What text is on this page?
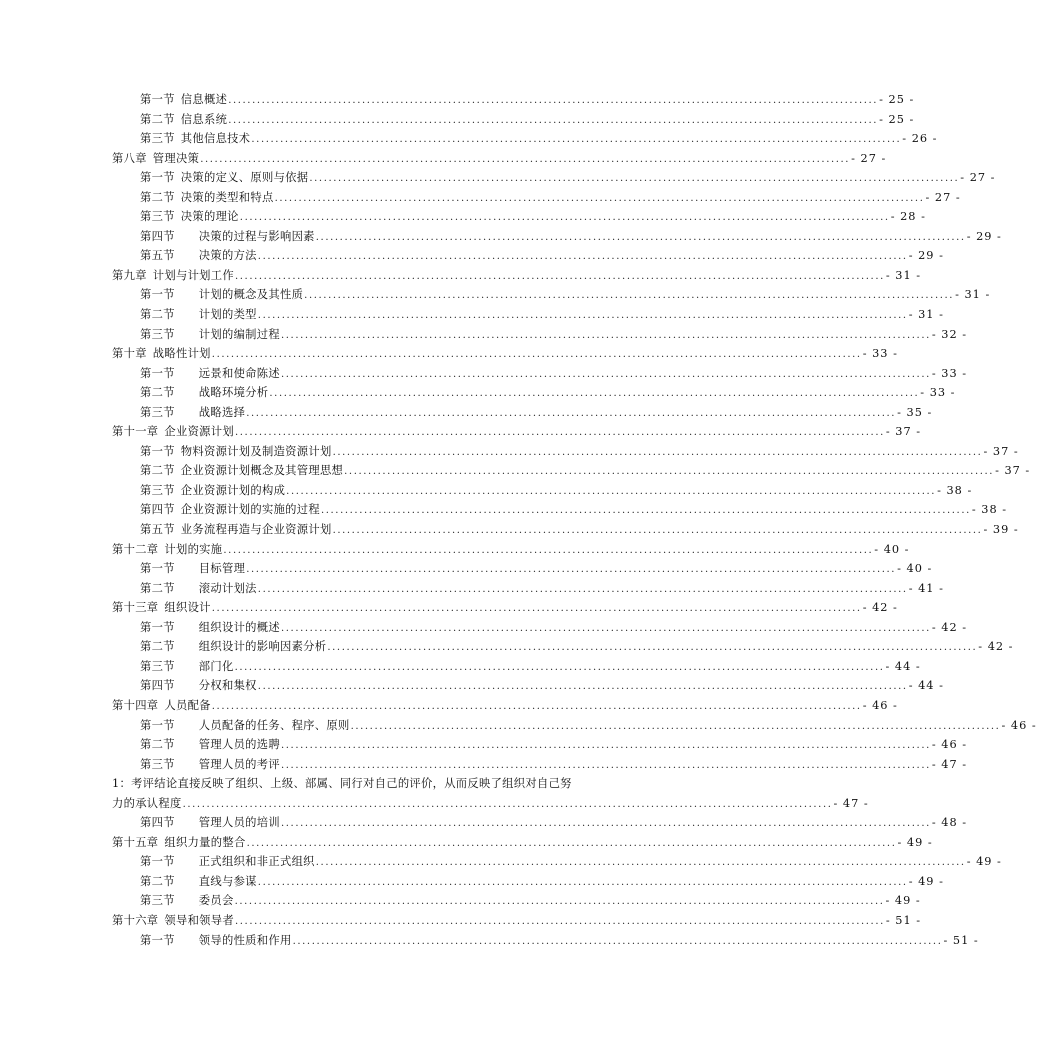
第一节 信息概述 ........................................................................................................................................ - 25 -
第二节 信息系统 ........................................................................................................................................ - 25 -
第三节 其他信息技术 ........................................................................................................................................ - 26 -
第八章 管理决策 ........................................................................................................................................ - 27 -
第一节 决策的定义、原则与依据 ........................................................................................................................................ - 27 -
第二节 决策的类型和特点 ........................................................................................................................................ - 27 -
第三节 决策的理论 ........................................................................................................................................ - 28 -
第四节 决策的过程与影响因素 ........................................................................................................................................ - 29 -
第五节 决策的方法 ........................................................................................................................................ - 29 -
第九章 计划与计划工作 ........................................................................................................................................ - 31 -
第一节 计划的概念及其性质 ........................................................................................................................................ - 31 -
第二节 计划的类型 ........................................................................................................................................ - 31 -
第三节 计划的编制过程 ........................................................................................................................................ - 32 -
第十章 战略性计划 ........................................................................................................................................ - 33 -
第一节 远景和使命陈述 ........................................................................................................................................ - 33 -
第二节 战略环境分析 ........................................................................................................................................ - 33 -
第三节 战略选择 ........................................................................................................................................ - 35 -
第十一章 企业资源计划 ........................................................................................................................................ - 37 -
第一节 物料资源计划及制造资源计划 ........................................................................................................................................ - 37 -
第二节 企业资源计划概念及其管理思想 ........................................................................................................................................ - 37 -
第三节 企业资源计划的构成 ........................................................................................................................................ - 38 -
第四节 企业资源计划的实施的过程 ........................................................................................................................................ - 38 -
第五节 业务流程再造与企业资源计划 ........................................................................................................................................ - 39 -
第十二章 计划的实施 ........................................................................................................................................ - 40 -
第一节 目标管理 ........................................................................................................................................ - 40 -
第二节 滚动计划法 ........................................................................................................................................ - 41 -
第十三章 组织设计 ........................................................................................................................................ - 42 -
第一节 组织设计的概述 ........................................................................................................................................ - 42 -
第二节 组织设计的影响因素分析 ........................................................................................................................................ - 42 -
第三节 部门化 ........................................................................................................................................ - 44 -
第四节 分权和集权 ........................................................................................................................................ - 44 -
第十四章 人员配备 ........................................................................................................................................ - 46 -
第一节 人员配备的任务、程序、原则 ........................................................................................................................................ - 46 -
第二节 管理人员的选聘 ........................................................................................................................................ - 46 -
第三节 管理人员的考评 ........................................................................................................................................ - 47 -
1：考评结论直接反映了组织、上级、部属、同行对自己的评价，从而反映了组织对自己努
力的承认程度 ........................................................................................................................................ - 47 -
第四节 管理人员的培训 ........................................................................................................................................ - 48 -
第十五章 组织力量的整合 ........................................................................................................................................ - 49 -
第一节 正式组织和非正式组织 ........................................................................................................................................ - 49 -
第二节 直线与参谋 ........................................................................................................................................ - 49 -
第三节 委员会 ........................................................................................................................................ - 49 -
第十六章 领导和领导者 ........................................................................................................................................ - 51 -
第一节 领导的性质和作用 ........................................................................................................................................ - 51 -
